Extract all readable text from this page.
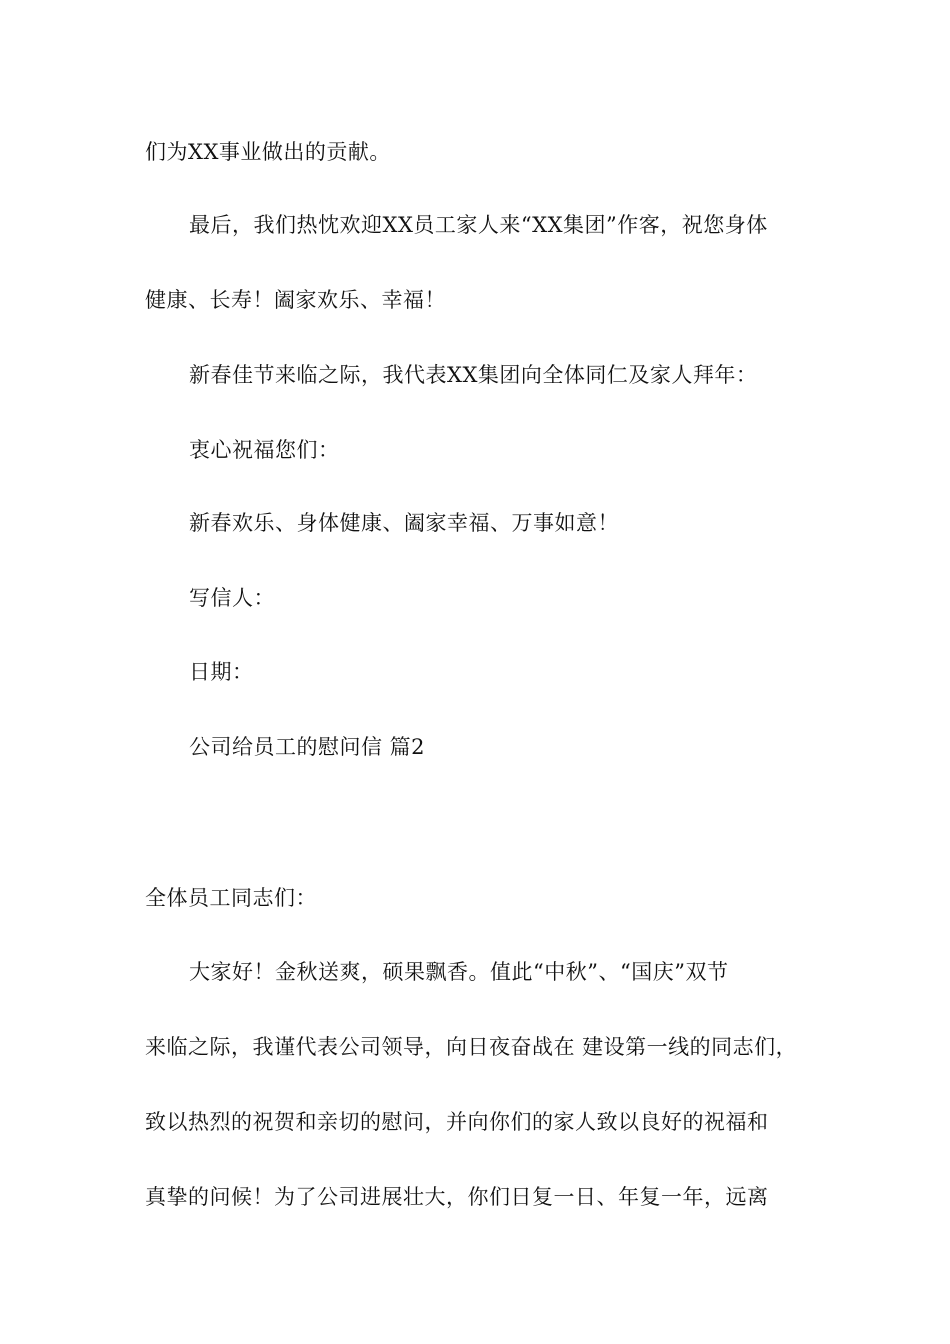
们为XX事业做出的贡献。
最后，我们热忱欢迎XX员工家人来“XX集团”作客，祝您身体
健康、长寿！阖家欢乐、幸福！
新春佳节来临之际，我代表XX集团向全体同仁及家人拜年：
衷心祝福您们：
新春欢乐、身体健康、阖家幸福、万事如意！
写信人：
日期：
公司给员工的慰问信 篇2
全体员工同志们：
大家好！金秋送爽，硕果飘香。值此“中秋”、“国庆”双节
来临之际，我谨代表公司领导，向日夜奋战在 建设第一线的同志们，
致以热烈的祝贺和亲切的慰问，并向你们的家人致以良好的祝福和
真挚的问候！为了公司进展壮大，你们日复一日、年复一年，远离
